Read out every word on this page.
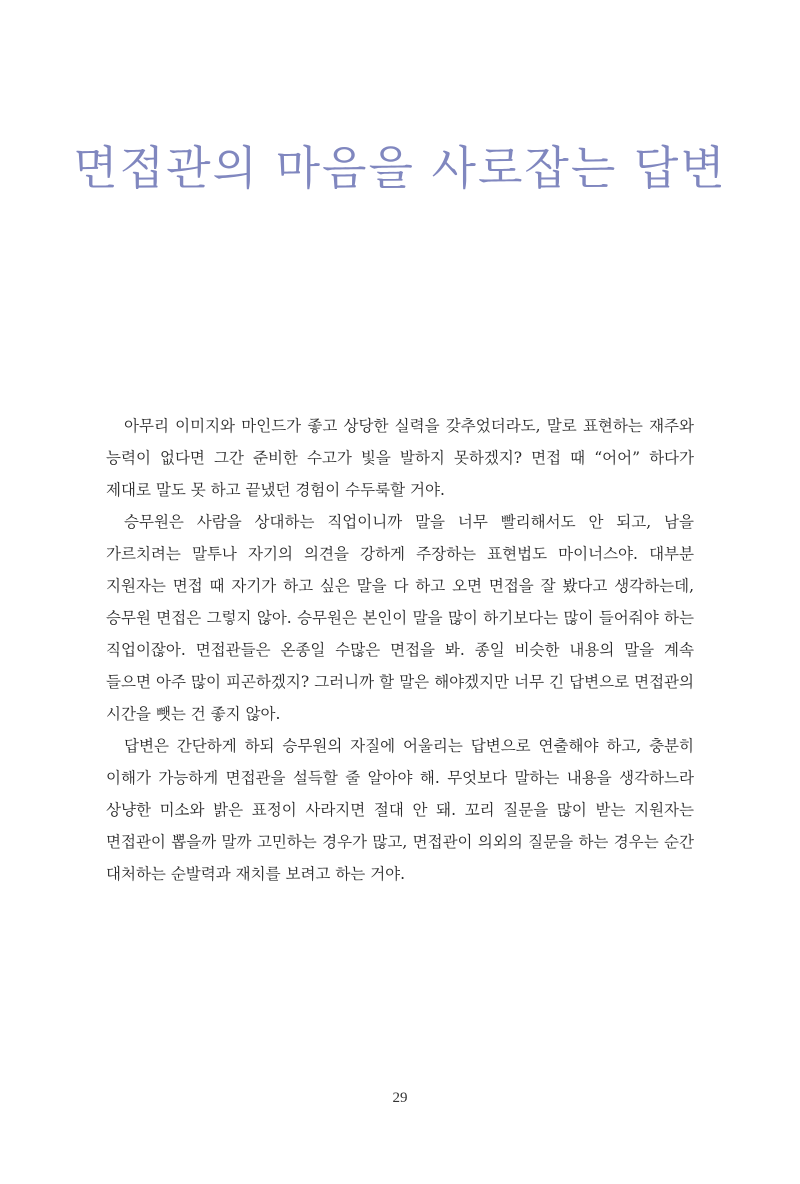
면접관의 마음을 사로잡는 답변

아무리 이미지와 마인드가 좋고 상당한 실력을 갖추었더라도, 말로 표현하는 재주와 능력이 없다면 그간 준비한 수고가 빛을 발하지 못하겠지? 면접 때 “어어” 하다가 제대로 말도 못 하고 끝냈던 경험이 수두룩할 거야.

승무원은 사람을 상대하는 직업이니까 말을 너무 빨리해서도 안 되고, 남을 가르치려는 말투나 자기의 의견을 강하게 주장하는 표현법도 마이너스야. 대부분 지원자는 면접 때 자기가 하고 싶은 말을 다 하고 오면 면접을 잘 봤다고 생각하는데, 승무원 면접은 그렇지 않아. 승무원은 본인이 말을 많이 하기보다는 많이 들어줘야 하는 직업이잖아. 면접관들은 온종일 수많은 면접을 봐. 종일 비슷한 내용의 말을 계속 들으면 아주 많이 피곤하겠지? 그러니까 할 말은 해야겠지만 너무 긴 답변으로 면접관의 시간을 뺏는 건 좋지 않아.

답변은 간단하게 하되 승무원의 자질에 어울리는 답변으로 연출해야 하고, 충분히 이해가 가능하게 면접관을 설득할 줄 알아야 해. 무엇보다 말하는 내용을 생각하느라 상냥한 미소와 밝은 표정이 사라지면 절대 안 돼. 꼬리 질문을 많이 받는 지원자는 면접관이 뽑을까 말까 고민하는 경우가 많고, 면접관이 의외의 질문을 하는 경우는 순간 대처하는 순발력과 재치를 보려고 하는 거야.

29
